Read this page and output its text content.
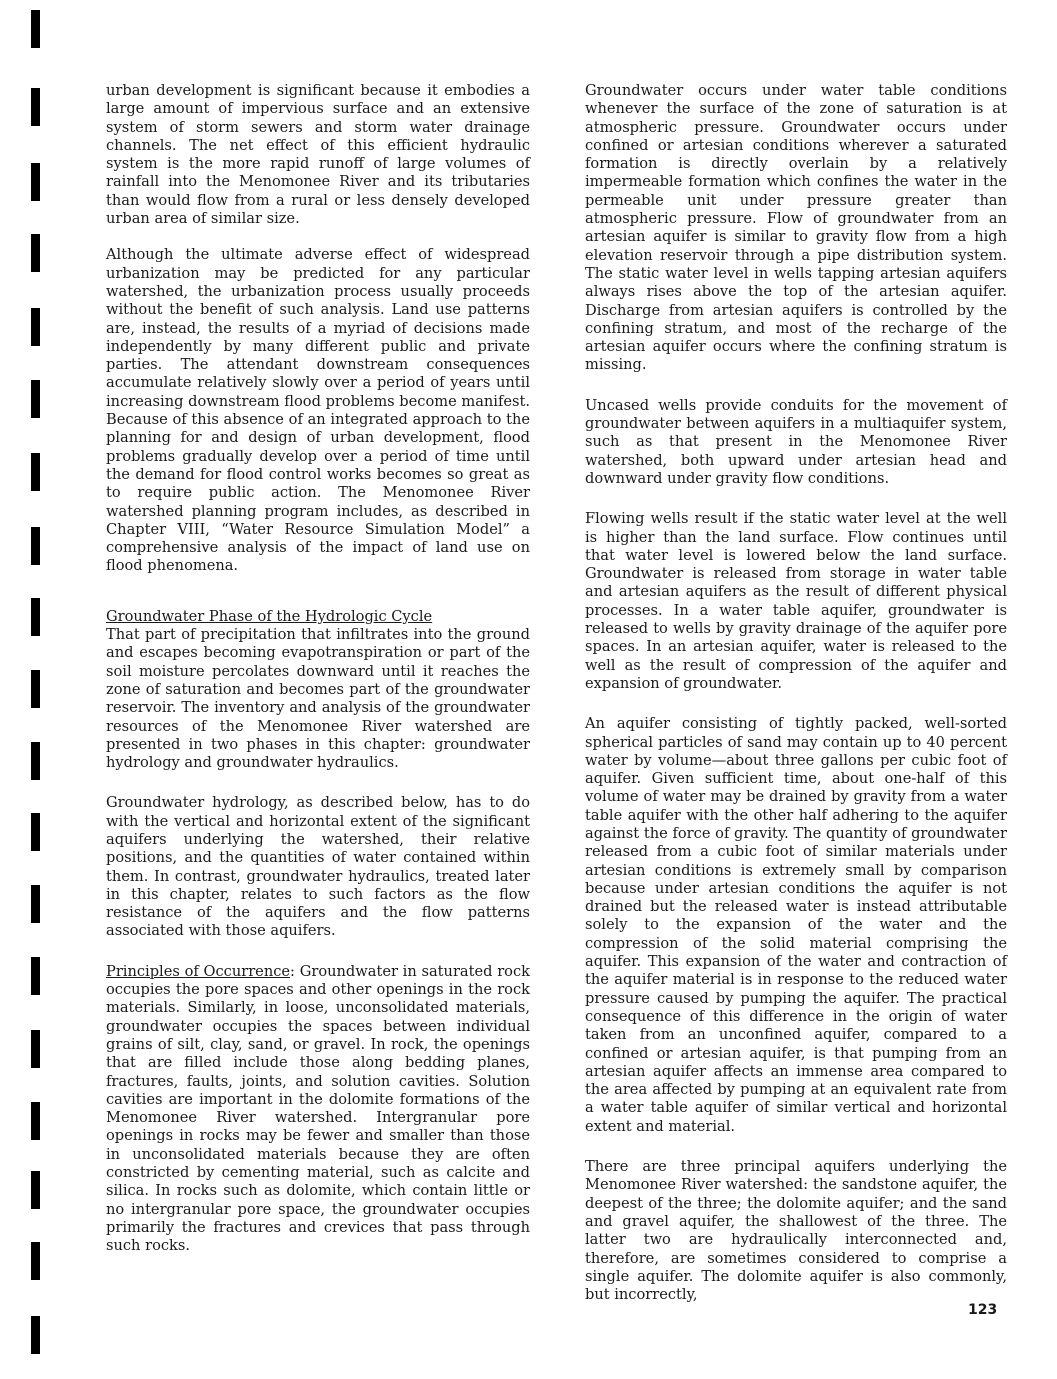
urban development is significant because it embodies a large amount of impervious surface and an extensive system of storm sewers and storm water drainage channels. The net effect of this efficient hydraulic system is the more rapid runoff of large volumes of rainfall into the Menomonee River and its tributaries than would flow from a rural or less densely developed urban area of similar size.

Although the ultimate adverse effect of widespread urbanization may be predicted for any particular watershed, the urbanization process usually proceeds without the benefit of such analysis. Land use patterns are, instead, the results of a myriad of decisions made independently by many different public and private parties. The attendant downstream consequences accumulate relatively slowly over a period of years until increasing downstream flood problems become manifest. Because of this absence of an integrated approach to the planning for and design of urban development, flood problems gradually develop over a period of time until the demand for flood control works becomes so great as to require public action. The Menomonee River watershed planning program includes, as described in Chapter VIII, “Water Resource Simulation Model” a comprehensive analysis of the impact of land use on flood phenomena.

Groundwater Phase of the Hydrologic Cycle

That part of precipitation that infiltrates into the ground and escapes becoming evapotranspiration or part of the soil moisture percolates downward until it reaches the zone of saturation and becomes part of the groundwater reservoir. The inventory and analysis of the groundwater resources of the Menomonee River watershed are presented in two phases in this chapter: groundwater hydrology and groundwater hydraulics.

Groundwater hydrology, as described below, has to do with the vertical and horizontal extent of the significant aquifers underlying the watershed, their relative positions, and the quantities of water contained within them. In contrast, groundwater hydraulics, treated later in this chapter, relates to such factors as the flow resistance of the aquifers and the flow patterns associated with those aquifers.

Principles of Occurrence: Groundwater in saturated rock occupies the pore spaces and other openings in the rock materials. Similarly, in loose, unconsolidated materials, groundwater occupies the spaces between individual grains of silt, clay, sand, or gravel. In rock, the openings that are filled include those along bedding planes, fractures, faults, joints, and solution cavities. Solution cavities are important in the dolomite formations of the Menomonee River watershed. Intergranular pore openings in rocks may be fewer and smaller than those in unconsolidated materials because they are often constricted by cementing material, such as calcite and silica. In rocks such as dolomite, which contain little or no intergranular pore space, the groundwater occupies primarily the fractures and crevices that pass through such rocks.

Groundwater occurs under water table conditions whenever the surface of the zone of saturation is at atmospheric pressure. Groundwater occurs under confined or artesian conditions wherever a saturated formation is directly overlain by a relatively impermeable formation which confines the water in the permeable unit under pressure greater than atmospheric pressure. Flow of groundwater from an artesian aquifer is similar to gravity flow from a high elevation reservoir through a pipe distribution system. The static water level in wells tapping artesian aquifers always rises above the top of the artesian aquifer. Discharge from artesian aquifers is controlled by the confining stratum, and most of the recharge of the artesian aquifer occurs where the confining stratum is missing.

Uncased wells provide conduits for the movement of groundwater between aquifers in a multiaquifer system, such as that present in the Menomonee River watershed, both upward under artesian head and downward under gravity flow conditions.

Flowing wells result if the static water level at the well is higher than the land surface. Flow continues until that water level is lowered below the land surface. Groundwater is released from storage in water table and artesian aquifers as the result of different physical processes. In a water table aquifer, groundwater is released to wells by gravity drainage of the aquifer pore spaces. In an artesian aquifer, water is released to the well as the result of compression of the aquifer and expansion of groundwater.

An aquifer consisting of tightly packed, well-sorted spherical particles of sand may contain up to 40 percent water by volume—about three gallons per cubic foot of aquifer. Given sufficient time, about one-half of this volume of water may be drained by gravity from a water table aquifer with the other half adhering to the aquifer against the force of gravity. The quantity of groundwater released from a cubic foot of similar materials under artesian conditions is extremely small by comparison because under artesian conditions the aquifer is not drained but the released water is instead attributable solely to the expansion of the water and the compression of the solid material comprising the aquifer. This expansion of the water and contraction of the aquifer material is in response to the reduced water pressure caused by pumping the aquifer. The practical consequence of this difference in the origin of water taken from an unconfined aquifer, compared to a confined or artesian aquifer, is that pumping from an artesian aquifer affects an immense area compared to the area affected by pumping at an equivalent rate from a water table aquifer of similar vertical and horizontal extent and material.

There are three principal aquifers underlying the Menomonee River watershed: the sandstone aquifer, the deepest of the three; the dolomite aquifer; and the sand and gravel aquifer, the shallowest of the three. The latter two are hydraulically interconnected and, therefore, are sometimes considered to comprise a single aquifer. The dolomite aquifer is also commonly, but incorrectly,

123
